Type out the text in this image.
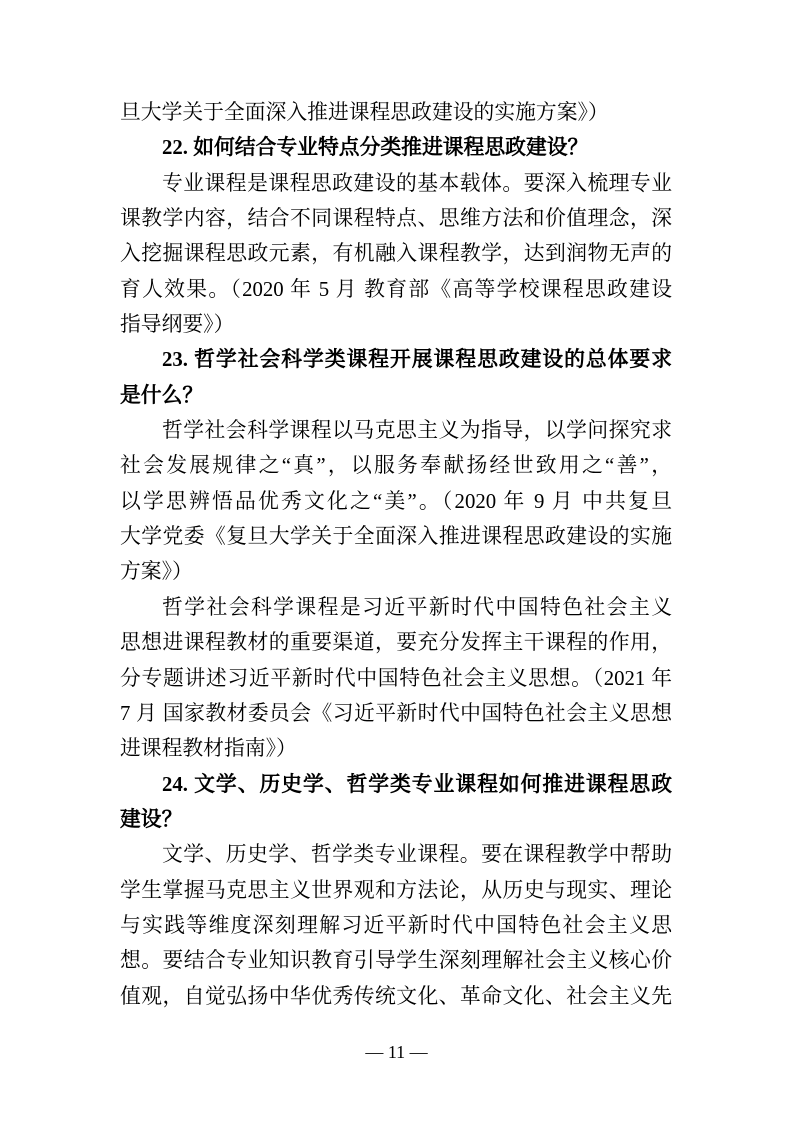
旦大学关于全面深入推进课程思政建设的实施方案》）
22. 如何结合专业特点分类推进课程思政建设？
专业课程是课程思政建设的基本载体。要深入梳理专业
课教学内容，结合不同课程特点、思维方法和价值理念，深
入挖掘课程思政元素，有机融入课程教学，达到润物无声的
育人效果。（2020 年 5 月 教育部《高等学校课程思政建设
指导纲要》）
23. 哲学社会科学类课程开展课程思政建设的总体要求
是什么？
哲学社会科学课程以马克思主义为指导，以学问探究求
社会发展规律之“真”，以服务奉献扬经世致用之“善”，
以学思辨悟品优秀文化之“美”。（2020 年 9 月 中共复旦
大学党委《复旦大学关于全面深入推进课程思政建设的实施
方案》）
哲学社会科学课程是习近平新时代中国特色社会主义
思想进课程教材的重要渠道，要充分发挥主干课程的作用，
分专题讲述习近平新时代中国特色社会主义思想。（2021 年
7 月 国家教材委员会《习近平新时代中国特色社会主义思想
进课程教材指南》）
24. 文学、历史学、哲学类专业课程如何推进课程思政
建设？
文学、历史学、哲学类专业课程。要在课程教学中帮助
学生掌握马克思主义世界观和方法论，从历史与现实、理论
与实践等维度深刻理解习近平新时代中国特色社会主义思
想。要结合专业知识教育引导学生深刻理解社会主义核心价
值观，自觉弘扬中华优秀传统文化、革命文化、社会主义先
— 11 —
